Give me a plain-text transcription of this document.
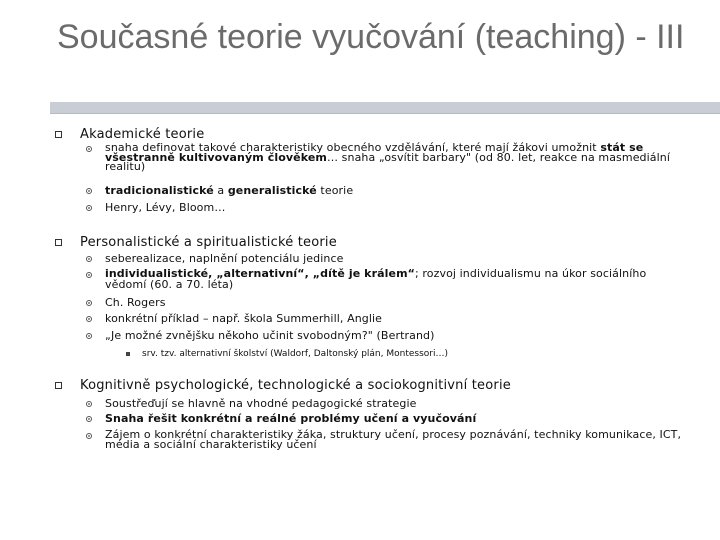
Současné teorie vyučování (teaching) - III
Akademické teorie
snaha definovat takové charakteristiky obecného vzdělávání, které mají žákovi umožnit stát se všestranně kultivovaným člověkem… snaha „osvítit barbary" (od 80. let, reakce na masmediální realitu)
tradicionalistické a generalistické teorie
Henry, Lévy, Bloom…
Personalistické a spiritualistické teorie
seberealizace, naplnění potenciálu jedince
individualistické, „alternativní“, „dítě je králem“; rozvoj individualismu na úkor sociálního vědomí (60. a 70. léta)
Ch. Rogers
konkrétní příklad – např. škola Summerhill, Anglie
„Je možné zvnějšku někoho učinit svobodným?" (Bertrand)
srv. tzv. alternativní školství (Waldorf, Daltonský plán, Montessori…)
Kognitivně psychologické, technologické a sociokognitivní teorie
Soustřeďují se hlavně na vhodné pedagogické strategie
Snaha řešit konkrétní a reálné problémy učení a vyučování
Zájem o konkrétní charakteristiky žáka, struktury učení, procesy poznávání, techniky komunikace, ICT, média a sociální charakteristiky učení
